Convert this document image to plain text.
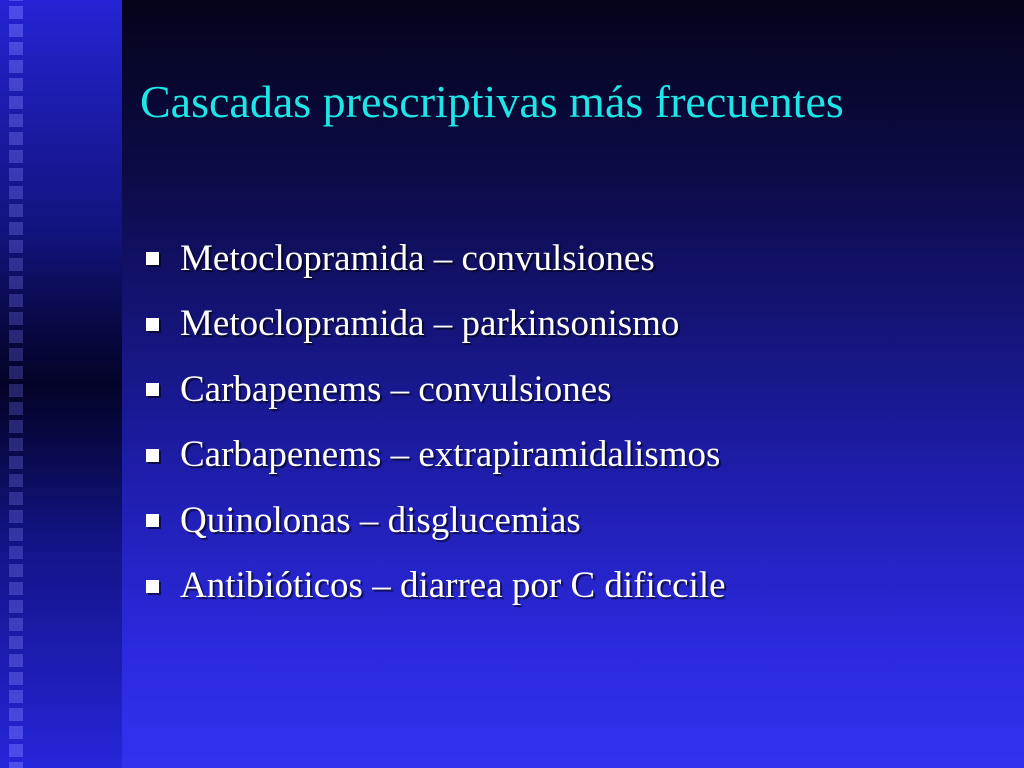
Cascadas prescriptivas más frecuentes
Metoclopramida – convulsiones
Metoclopramida – parkinsonismo
Carbapenems – convulsiones
Carbapenems – extrapiramidalismos
Quinolonas – disglucemias
Antibióticos – diarrea por C dificcile
